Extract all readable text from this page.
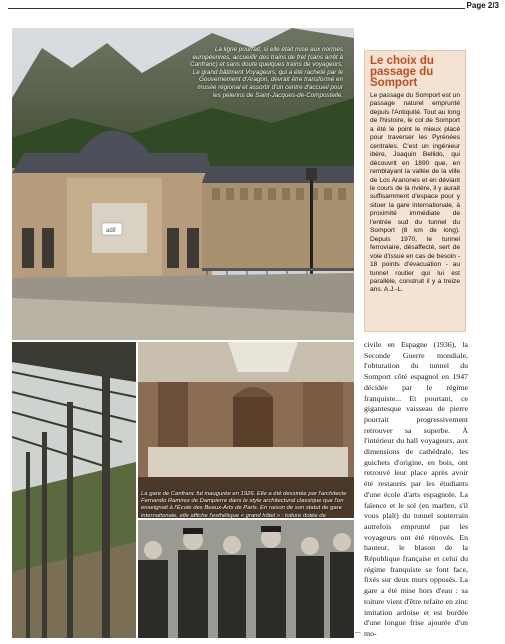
Page 2/3
adif
La ligne pourrait, si elle était mise aux normes européennes, accueillir des trains de fret (sans arrêt à Canfranc) et sans doute quelques trains de voyageurs. Le grand bâtiment Voyageurs, qui a été racheté par le Gouvernement d'Aragon, devrait être transformé en musée régional et assortir d'un centre d'accueil pour les pèlerins de Saint-Jacques-de-Compostelle.
Le choix du passage du Somport

Le passage du Somport est un passage naturel emprunté depuis l'Antiquité. Tout au long de l'histoire, le col de Somport a été le point le mieux placé pour traverser les Pyrénées centrales. C'est un ingénieur ibère, Joaquin Bellido, qui découvrit en 1890 que, en remblayant la vallée de la ville de Los Aranones et en déviant le cours de la rivière, il y aurait suffisamment d'espace pour y situer la gare internationale, à proximité immédiate de l'entrée sud du tunnel du Somport (8 km de long). Depuis 1970, le tunnel ferroviaire, désaffecté, sert de voie d'issue en cas de besoin - 18 points d'évacuation - au tunnel routier qui lui est parallèle, construit il y a treize ans. A.J.-L.

La gare de Canfranc fut inaugurée en 1926. Elle a été dessinée par l'architecte Fernando Ramirez de Dampierre dans le style architectural classique que l'on enseignait à l'École des Beaux-Arts de Paris. En raison de son statut de gare internationale, elle affiche l'esthétique « grand hôtel » : toiture dotée de
civile en Espagne (1936), la Seconde Guerre mondiale, l'obturation du tunnel du Somport côté espagnol en 1947 décidée par le régime franquiste... Et pourtant, ce gigantesque vaisseau de pierre pourrait progressivement retrouver sa superbe. À l'intérieur du hall voyageurs, aux dimensions de cathédrale, les guichets d'origine, en bois, ont retrouvé leur place après avoir été restaurés par les étudiants d'une école d'arts espagnole. La faïence et le sol (en marbre, s'il vous plaît) du tunnel souterrain autrefois emprunté par les voyageurs ont été rénovés. En hauteur, le blason de la République française et celui du régime franquiste se font face, fixés sur deux murs opposés. La gare a été mise hors d'eau : sa toiture vient d'être refaite en zinc imitation ardoise et est bordée d'une longue frise ajourée d'un mo-
⟵
